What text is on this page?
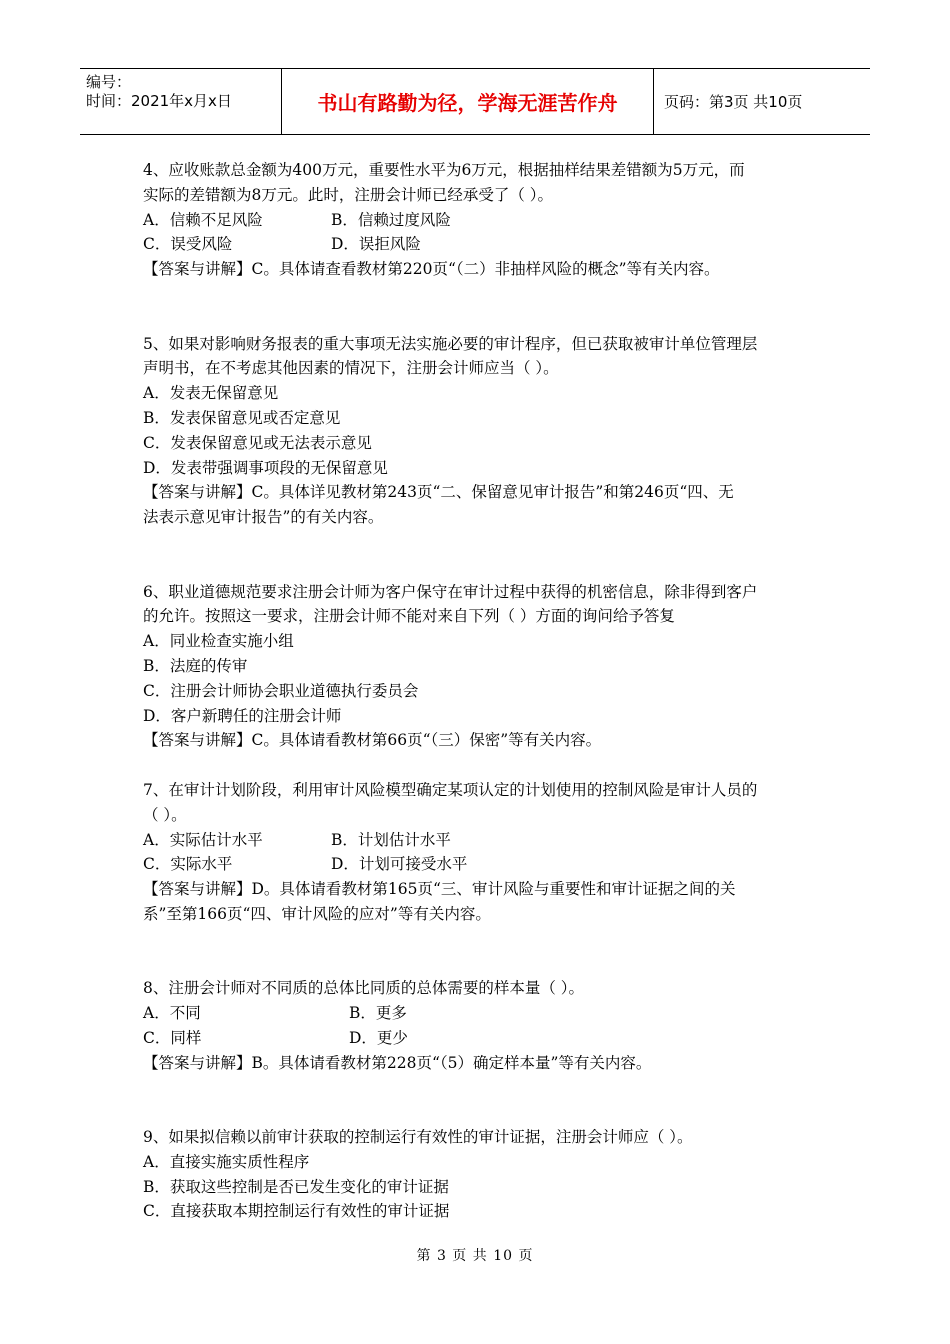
编号：
时间：2021年x月x日	书山有路勤为径，学海无涯苦作舟	页码：第3页 共10页
4、应收账款总金额为400万元，重要性水平为6万元，根据抽样结果差错额为5万元，而
实际的差错额为8万元。此时，注册会计师已经承受了（ ）。
A．信赖不足风险	B．信赖过度风险
C．误受风险	D．误拒风险
【答案与讲解】C。具体请查看教材第220页“（二）非抽样风险的概念”等有关内容。
5、如果对影响财务报表的重大事项无法实施必要的审计程序，但已获取被审计单位管理层
声明书，在不考虑其他因素的情况下，注册会计师应当（ ）。
A．发表无保留意见
B．发表保留意见或否定意见
C．发表保留意见或无法表示意见
D．发表带强调事项段的无保留意见
【答案与讲解】C。具体详见教材第243页“二、保留意见审计报告”和第246页“四、无
法表示意见审计报告”的有关内容。
6、职业道德规范要求注册会计师为客户保守在审计过程中获得的机密信息，除非得到客户
的允许。按照这一要求，注册会计师不能对来自下列（ ）方面的询问给予答复
A．同业检查实施小组
B．法庭的传审
C．注册会计师协会职业道德执行委员会
D．客户新聘任的注册会计师
【答案与讲解】C。具体请看教材第66页“（三）保密”等有关内容。
7、在审计计划阶段，利用审计风险模型确定某项认定的计划使用的控制风险是审计人员的
（ ）。
A．实际估计水平	B．计划估计水平
C．实际水平	D．计划可接受水平
【答案与讲解】D。具体请看教材第165页“三、审计风险与重要性和审计证据之间的关
系”至第166页“四、审计风险的应对”等有关内容。
8、注册会计师对不同质的总体比同质的总体需要的样本量（ ）。
A．不同	B．更多
C．同样	D．更少
【答案与讲解】B。具体请看教材第228页“（5）确定样本量”等有关内容。
9、如果拟信赖以前审计获取的控制运行有效性的审计证据，注册会计师应（ ）。
A．直接实施实质性程序
B．获取这些控制是否已发生变化的审计证据
C．直接获取本期控制运行有效性的审计证据
第 3 页 共 10 页
